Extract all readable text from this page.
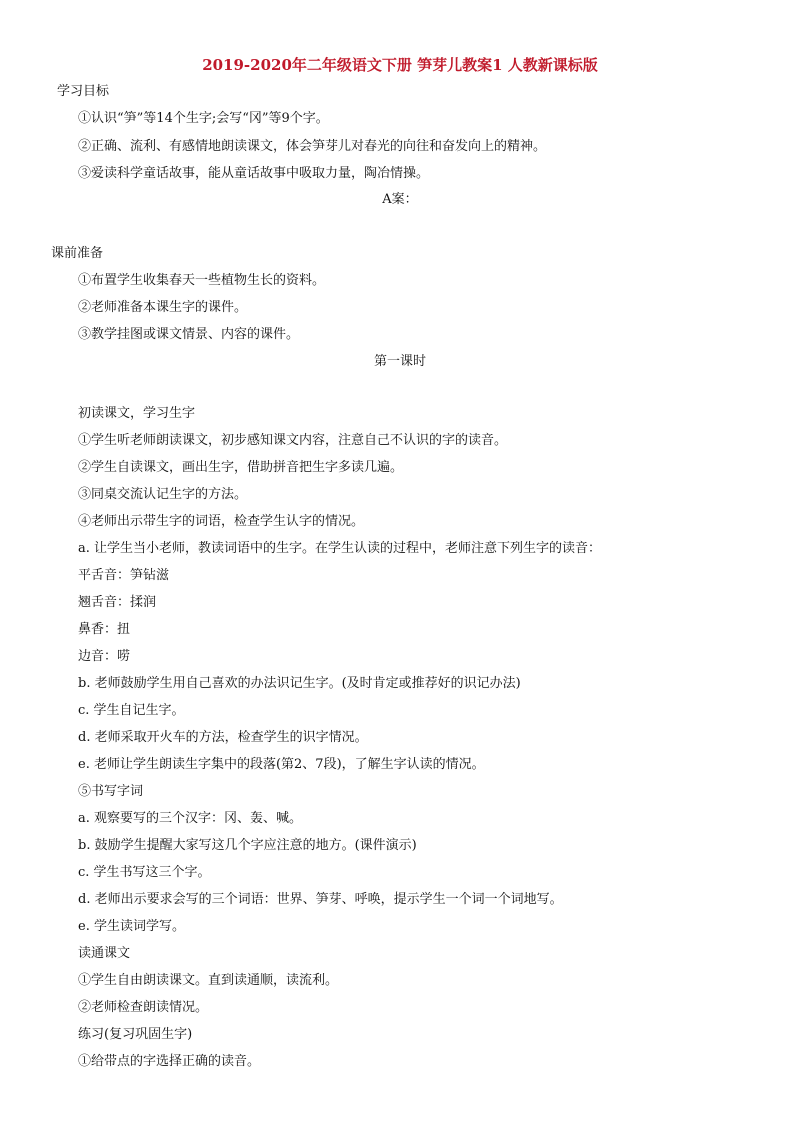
2019-2020年二年级语文下册 笋芽儿教案1 人教新课标版
学习目标
①认识“笋”等14个生字;会写“冈”等9个字。
②正确、流利、有感情地朗读课文，体会笋芽儿对春光的向往和奋发向上的精神。
③爱读科学童话故事，能从童话故事中吸取力量，陶冶情操。
A案：
课前准备
①布置学生收集春天一些植物生长的资料。
②老师准备本课生字的课件。
③教学挂图或课文情景、内容的课件。
第一课时
初读课文，学习生字
①学生听老师朗读课文，初步感知课文内容，注意自己不认识的字的读音。
②学生自读课文，画出生字，借助拼音把生字多读几遍。
③同桌交流认记生字的方法。
④老师出示带生字的词语，检查学生认字的情况。
a. 让学生当小老师，教读词语中的生字。在学生认读的过程中，老师注意下列生字的读音：
平舌音：笋钻滋
翘舌音：揉润
鼻香：扭
边音：唠
b. 老师鼓励学生用自己喜欢的办法识记生字。(及时肯定或推荐好的识记办法)
c. 学生自记生字。
d. 老师采取开火车的方法，检查学生的识字情况。
e. 老师让学生朗读生字集中的段落(第2、7段)，了解生字认读的情况。
⑤书写字词
a. 观察要写的三个汉字：冈、轰、喊。
b. 鼓励学生提醒大家写这几个字应注意的地方。(课件演示)
c. 学生书写这三个字。
d. 老师出示要求会写的三个词语：世界、笋芽、呼唤，提示学生一个词一个词地写。
e. 学生读词学写。
读通课文
①学生自由朗读课文。直到读通顺，读流利。
②老师检查朗读情况。
练习(复习巩固生字)
①给带点的字选择正确的读音。
